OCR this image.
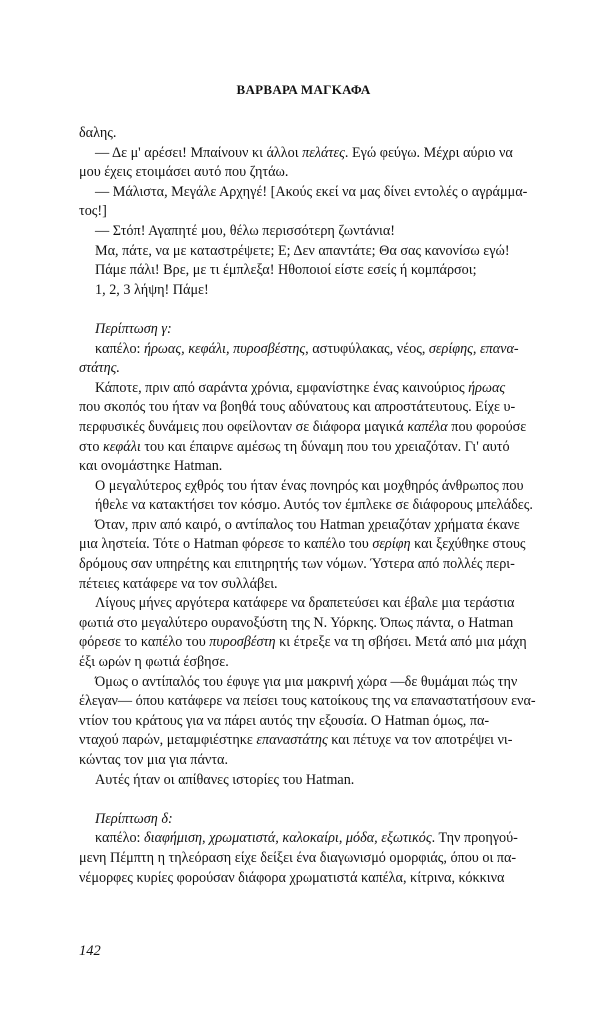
ΒΑΡΒΑΡΑ ΜΑΓΚΑΦΑ

δαλης.

— Δε μ' αρέσει! Μπαίνουν κι άλλοι πελάτες. Εγώ φεύγω. Μέχρι αύριο να

μου έχεις ετοιμάσει αυτό που ζητάω.

— Μάλιστα, Μεγάλε Αρχηγέ! [Ακούς εκεί να μας δίνει εντολές ο αγράμμα-

τος!]

— Στόπ! Αγαπητέ μου, θέλω περισσότερη ζωντάνια!

Μα, πάτε, να με καταστρέψετε; Ε; Δεν απαντάτε; Θα σας κανονίσω εγώ!

Πάμε πάλι! Βρε, με τι έμπλεξα! Ηθοποιοί είστε εσείς ή κομπάρσοι;

1, 2, 3 λήψη! Πάμε!

Περίπτωση γ:

καπέλο: ήρωας, κεφάλι, πυροσβέστης, αστυφύλακας, νέος, σερίφης, επανα-

στάτης.

Κάποτε, πριν από σαράντα χρόνια, εμφανίστηκε ένας καινούριος ήρωας

που σκοπός του ήταν να βοηθά τους αδύνατους και απροστάτευτους. Είχε υ-

περφυσικές δυνάμεις που οφείλονταν σε διάφορα μαγικά καπέλα που φορούσε

στο κεφάλι του και έπαιρνε αμέσως τη δύναμη που του χρειαζόταν. Γι' αυτό

και ονομάστηκε Hatman.

Ο μεγαλύτερος εχθρός του ήταν ένας πονηρός και μοχθηρός άνθρωπος που

ήθελε να κατακτήσει τον κόσμο. Αυτός τον έμπλεκε σε διάφορους μπελάδες.

Όταν, πριν από καιρό, ο αντίπαλος του Hatman χρειαζόταν χρήματα έκανε

μια ληστεία. Τότε ο Hatman φόρεσε το καπέλο του σερίφη και ξεχύθηκε στους

δρόμους σαν υπηρέτης και επιτηρητής των νόμων. Ύστερα από πολλές περι-

πέτειες κατάφερε να τον συλλάβει.

Λίγους μήνες αργότερα κατάφερε να δραπετεύσει και έβαλε μια τεράστια

φωτιά στο μεγαλύτερο ουρανοξύστη της Ν. Υόρκης. Όπως πάντα, ο Hatman

φόρεσε το καπέλο του πυροσβέστη κι έτρεξε να τη σβήσει. Μετά από μια μάχη

έξι ωρών η φωτιά έσβησε.

Όμως ο αντίπαλός του έφυγε για μια μακρινή χώρα —δε θυμάμαι πώς την

έλεγαν— όπου κατάφερε να πείσει τους κατοίκους της να επαναστατήσουν ενα-

ντίον του κράτους για να πάρει αυτός την εξουσία. Ο Hatman όμως, πα-

νταχού παρών, μεταμφιέστηκε επαναστάτης και πέτυχε να τον αποτρέψει νι-

κώντας τον μια για πάντα.

Αυτές ήταν οι απίθανες ιστορίες του Hatman.

Περίπτωση δ:

καπέλο: διαφήμιση, χρωματιστά, καλοκαίρι, μόδα, εξωτικός. Την προηγού-

μενη Πέμπτη η τηλεόραση είχε δείξει ένα διαγωνισμό ομορφιάς, όπου οι πα-

νέμορφες κυρίες φορούσαν διάφορα χρωματιστά καπέλα, κίτρινα, κόκκινα

142
